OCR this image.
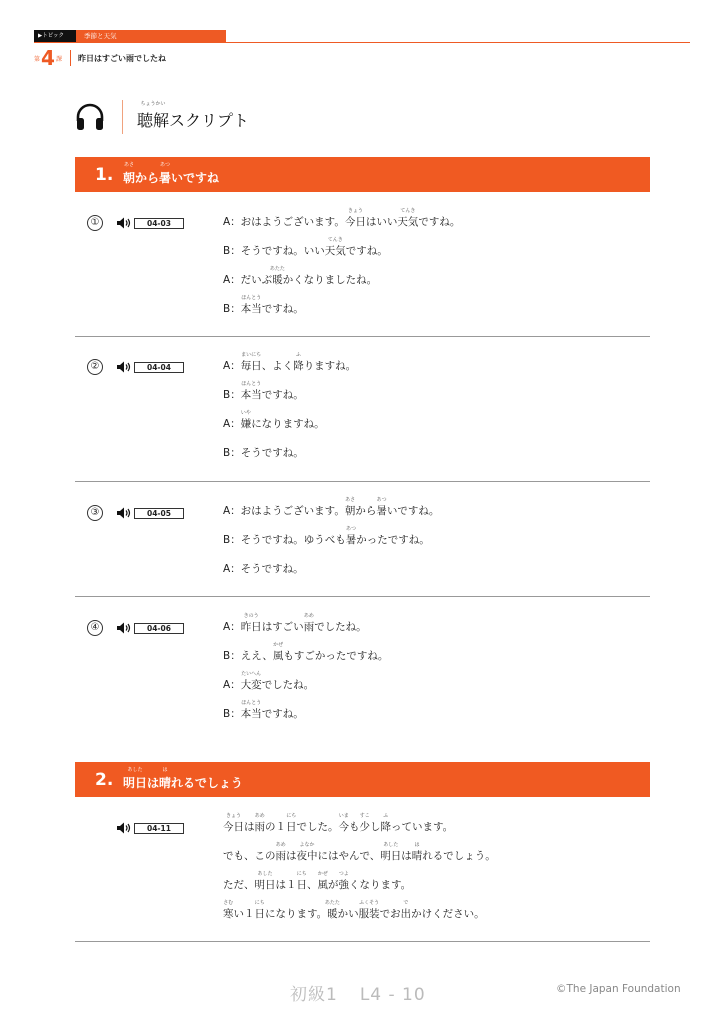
▶トピック	季節と天気
第 4 課 昨日はすごい雨でしたね
ちょうかい
聴解スクリプト
1.	あさ
朝から
あつ
暑いですね
①	04-03	A：おはようございます。
きょう
今日はいい
てんき
天気ですね。
B：そうですね。いい
てんき
天気ですね。
A：だいぶ
あたた
暖かくなりましたね。
B：
ほんとう
本当ですね。
②	04-04	A：
まいにち
毎日、よく
ふ
降りますね。
B：
ほんとう
本当ですね。
A：
いや
嫌になりますね。
B：そうですね。
③	04-05	A：おはようございます。
あさ
朝から
あつ
暑いですね。
B：そうですね。ゆうべも
あつ
暑かったですね。
A：そうですね。
④	04-06	A：
きのう
昨日はすごい
あめ
雨でしたね。
B：ええ、
かぜ
風もすごかったですね。
A：
たいへん
大変でしたね。
B：
ほんとう
本当ですね。
2.	あした
明日は
は
晴れるでしょう
04-11
きょう
今日は
あめ
雨の１
にち
日でした。
いま
今も
すこ
少し
ふ
降っています。
でも、この
あめ
雨は
よなか
夜中にはやんで、
あした
明日は
は
晴れるでしょう。
ただ、
あした
明日は１
にち
日、
かぜ
風が
つよ
強くなります。
さむ
寒い１
にち
日になります。
あたた
暖かい
ふくそう
服装でお
で
出かけください。
初級1 L4 - 10	©The Japan Foundation
